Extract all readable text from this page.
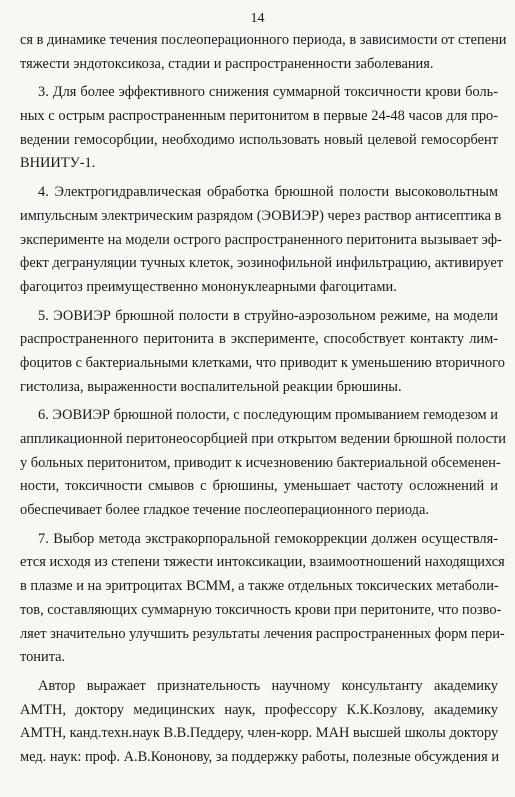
14
ся в динамике течения послеоперационного периода, в зависимости от степени
тяжести эндотоксикоза, стадии и распространенности заболевания.
3. Для более эффективного снижения суммарной токсичности крови боль-
ных с острым распространенным перитонитом в первые 24-48 часов для про-
ведении гемосорбции, необходимо использовать новый целевой гемосорбент
ВНИИТУ-1.
4. Электрогидравлическая обработка брюшной полости высоковольтным
импульсным электрическим разрядом (ЭОВИЭР) через раствор антисептика в
эксперименте на модели острого распространенного перитонита вызывает эф-
фект дегрануляции тучных клеток, эозинофильной инфильтрацию, активирует
фагоцитоз преимущественно мононуклеарными фагоцитами.
5. ЭОВИЭР брюшной полости в струйно-аэрозольном режиме, на модели
распространенного перитонита в эксперименте, способствует контакту лим-
фоцитов с бактериальными клетками, что приводит к уменьшению вторичного
гистолиза, выраженности воспалительной реакции брюшины.
6. ЭОВИЭР брюшной полости, с последующим промыванием гемодезом и
аппликационной перитонеосорбцией при открытом ведении брюшной полости
у больных перитонитом, приводит к исчезновению бактериальной обсеменен-
ности, токсичности смывов с брюшины, уменьшает частоту осложнений и
обеспечивает более гладкое течение послеоперационного периода.
7. Выбор метода экстракорпоральной гемокоррекции должен осуществля-
ется исходя из степени тяжести интоксикации, взаимоотношений находящихся
в плазме и на эритроцитах ВСММ, а также отдельных токсических метаболи-
тов, составляющих суммарную токсичность крови при перитоните, что позво-
ляет значительно улучшить результаты лечения распространенных форм пери-
тонита.
Автор выражает признательность научному консультанту академику
АМТН, доктору медицинских наук, профессору К.К.Козлову, академику
АМТН, канд.техн.наук В.В.Педдеру, член-корр. МАН высшей школы доктору
мед. наук: проф. А.В.Кононову, за поддержку работы, полезные обсуждения и
